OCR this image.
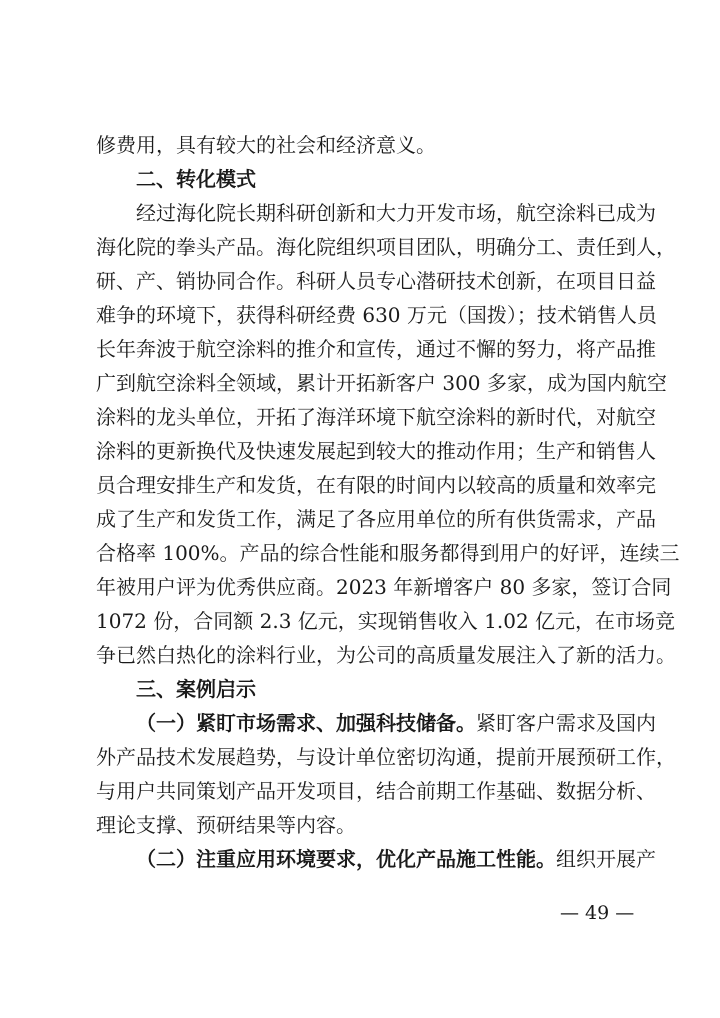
修费用，具有较大的社会和经济意义。
二、转化模式
经过海化院长期科研创新和大力开发市场，航空涂料已成为
海化院的拳头产品。海化院组织项目团队，明确分工、责任到人，
研、产、销协同合作。科研人员专心潜研技术创新，在项目日益
难争的环境下，获得科研经费 630 万元（国拨）；技术销售人员
长年奔波于航空涂料的推介和宣传，通过不懈的努力，将产品推
广到航空涂料全领域，累计开拓新客户 300 多家，成为国内航空
涂料的龙头单位，开拓了海洋环境下航空涂料的新时代，对航空
涂料的更新换代及快速发展起到较大的推动作用；生产和销售人
员合理安排生产和发货，在有限的时间内以较高的质量和效率完
成了生产和发货工作，满足了各应用单位的所有供货需求，产品
合格率 100%。产品的综合性能和服务都得到用户的好评，连续三
年被用户评为优秀供应商。2023 年新增客户 80 多家，签订合同
1072 份，合同额 2.3 亿元，实现销售收入 1.02 亿元，在市场竞
争已然白热化的涂料行业，为公司的高质量发展注入了新的活力。
三、案例启示
（一）紧盯市场需求、加强科技储备。紧盯客户需求及国内
外产品技术发展趋势，与设计单位密切沟通，提前开展预研工作，
与用户共同策划产品开发项目，结合前期工作基础、数据分析、
理论支撑、预研结果等内容。
（二）注重应用环境要求，优化产品施工性能。组织开展产
— 49 —
